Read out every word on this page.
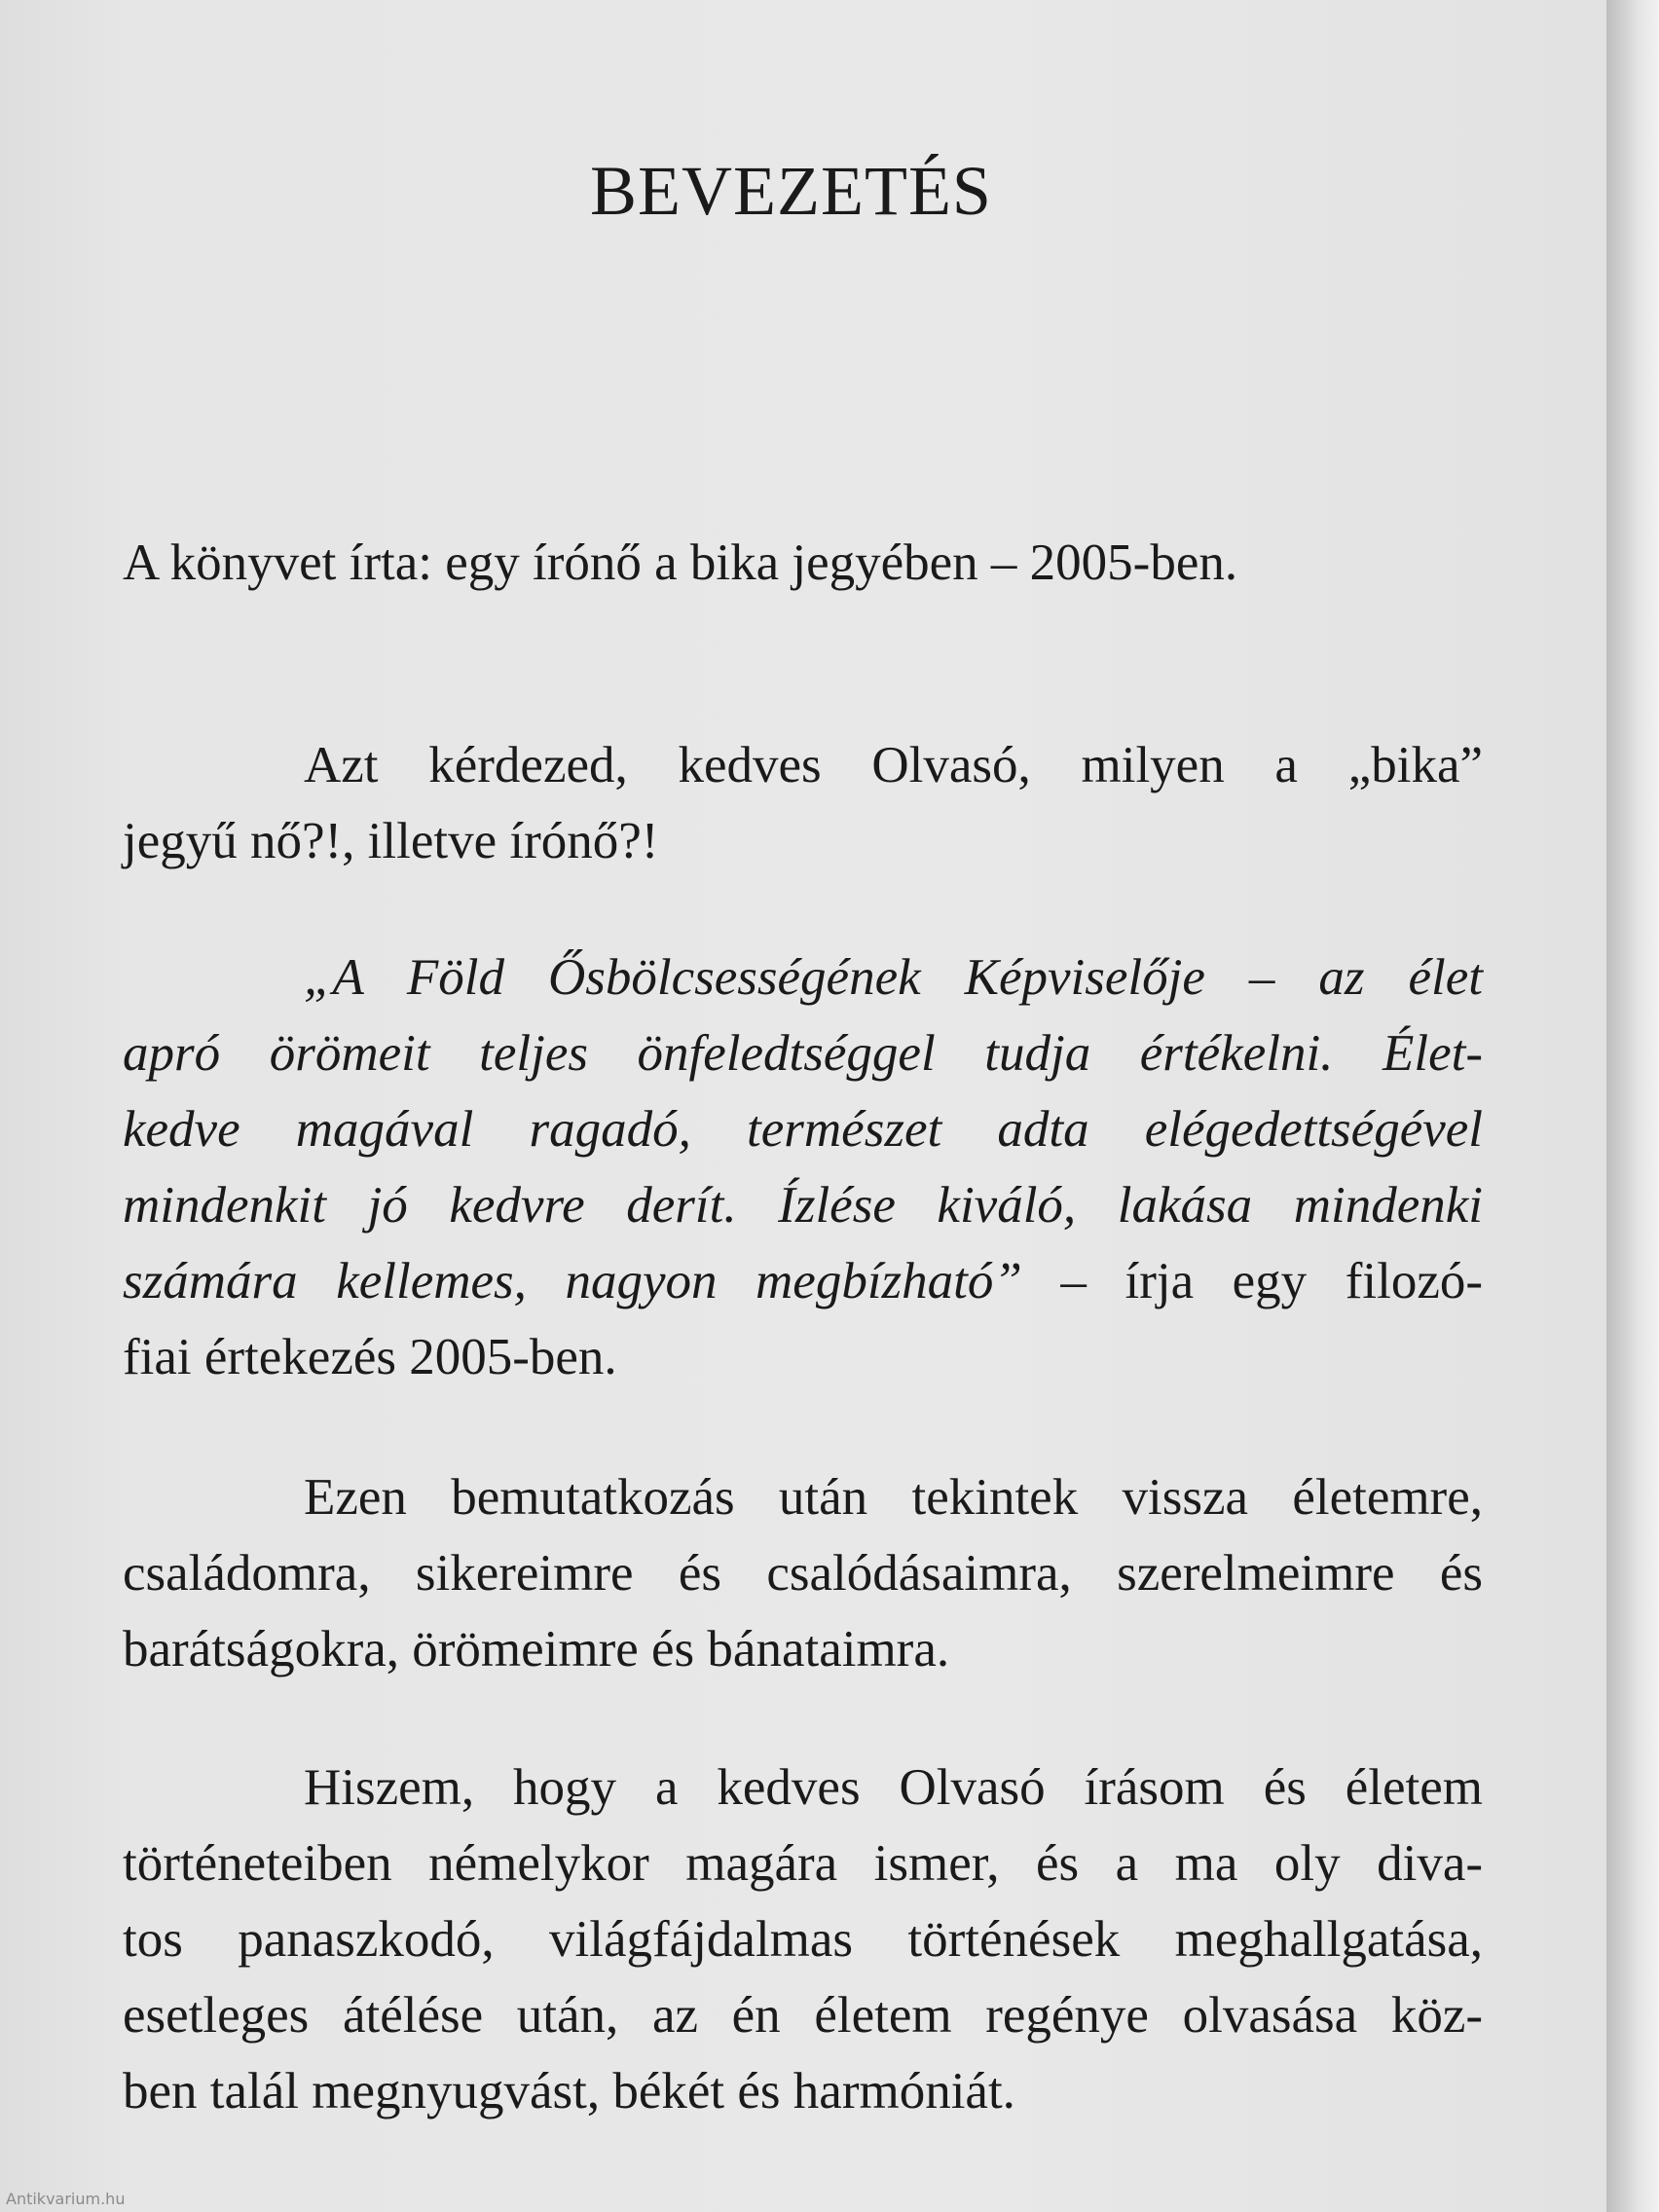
BEVEZETÉS

A könyvet írta: egy írónő a bika jegyében – 2005-ben.

Azt kérdezed, kedves Olvasó, milyen a „bika”

jegyű nő?!, illetve írónő?!

„A Föld Ősbölcsességének Képviselője – az élet

apró örömeit teljes önfeledtséggel tudja értékelni. Élet-

kedve magával ragadó, természet adta elégedettségével

mindenkit jó kedvre derít. Ízlése kiváló, lakása mindenki

számára kellemes, nagyon megbízható” – írja egy filozó-

fiai értekezés 2005-ben.

Ezen bemutatkozás után tekintek vissza életemre,

családomra, sikereimre és csalódásaimra, szerelmeimre és

barátságokra, örömeimre és bánataimra.

Hiszem, hogy a kedves Olvasó írásom és életem

történeteiben némelykor magára ismer, és a ma oly diva-

tos panaszkodó, világfájdalmas történések meghallgatása,

esetleges átélése után, az én életem regénye olvasása köz-

ben talál megnyugvást, békét és harmóniát.

Antikvarium.hu
